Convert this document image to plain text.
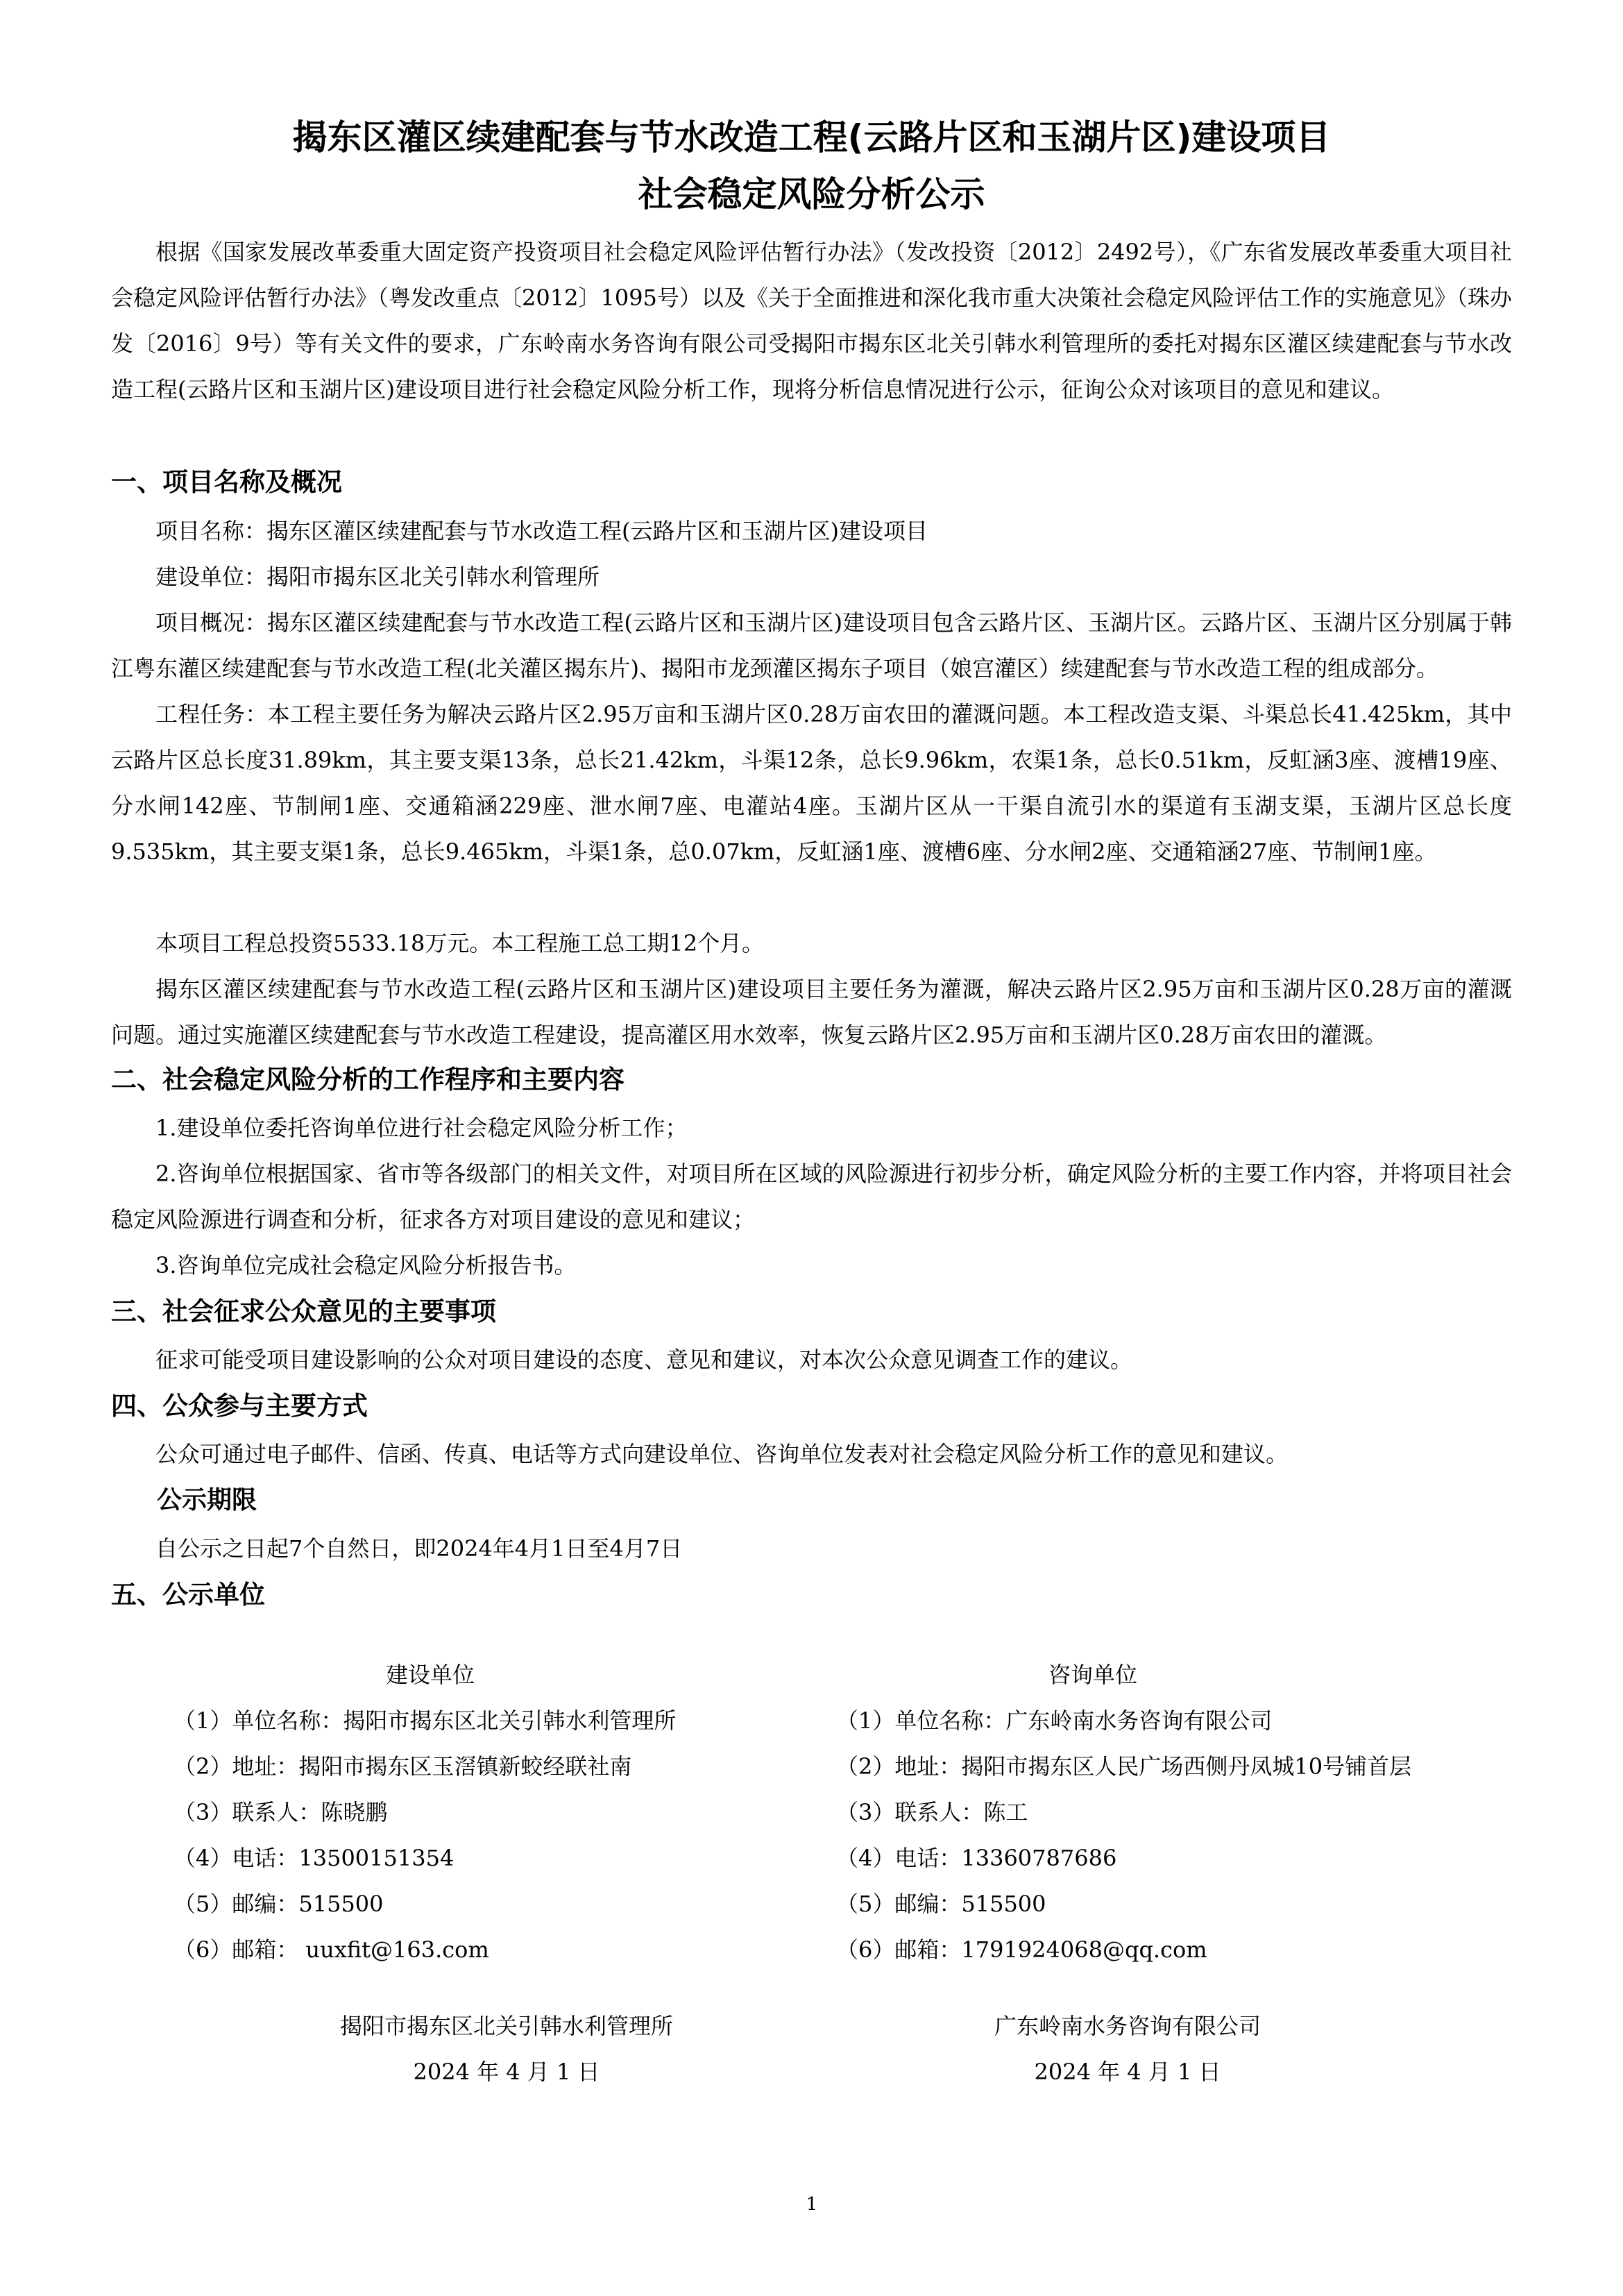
揭东区灌区续建配套与节水改造工程(云路片区和玉湖片区)建设项目
社会稳定风险分析公示
根据《国家发展改革委重大固定资产投资项目社会稳定风险评估暂行办法》（发改投资〔2012〕2492号），《广东省发展改革委重大项目社会稳定风险评估暂行办法》（粤发改重点〔2012〕1095号）以及《关于全面推进和深化我市重大决策社会稳定风险评估工作的实施意见》（珠办发〔2016〕9号）等有关文件的要求，广东岭南水务咨询有限公司受揭阳市揭东区北关引韩水利管理所的委托对揭东区灌区续建配套与节水改造工程(云路片区和玉湖片区)建设项目进行社会稳定风险分析工作，现将分析信息情况进行公示，征询公众对该项目的意见和建议。
一、项目名称及概况
项目名称：揭东区灌区续建配套与节水改造工程(云路片区和玉湖片区)建设项目
建设单位：揭阳市揭东区北关引韩水利管理所
项目概况：揭东区灌区续建配套与节水改造工程(云路片区和玉湖片区)建设项目包含云路片区、玉湖片区。云路片区、玉湖片区分别属于韩江粤东灌区续建配套与节水改造工程(北关灌区揭东片)、揭阳市龙颈灌区揭东子项目（娘宫灌区）续建配套与节水改造工程的组成部分。
工程任务：本工程主要任务为解决云路片区2.95万亩和玉湖片区0.28万亩农田的灌溉问题。本工程改造支渠、斗渠总长41.425km，其中云路片区总长度31.89km，其主要支渠13条，总长21.42km，斗渠12条，总长9.96km，农渠1条，总长0.51km，反虹涵3座、渡槽19座、分水闸142座、节制闸1座、交通箱涵229座、泄水闸7座、电灌站4座。玉湖片区从一干渠自流引水的渠道有玉湖支渠，玉湖片区总长度9.535km，其主要支渠1条，总长9.465km，斗渠1条，总0.07km，反虹涵1座、渡槽6座、分水闸2座、交通箱涵27座、节制闸1座。
本项目工程总投资5533.18万元。本工程施工总工期12个月。
揭东区灌区续建配套与节水改造工程(云路片区和玉湖片区)建设项目主要任务为灌溉，解决云路片区2.95万亩和玉湖片区0.28万亩的灌溉问题。通过实施灌区续建配套与节水改造工程建设，提高灌区用水效率，恢复云路片区2.95万亩和玉湖片区0.28万亩农田的灌溉。
二、社会稳定风险分析的工作程序和主要内容
1.建设单位委托咨询单位进行社会稳定风险分析工作；
2.咨询单位根据国家、省市等各级部门的相关文件，对项目所在区域的风险源进行初步分析，确定风险分析的主要工作内容，并将项目社会稳定风险源进行调查和分析，征求各方对项目建设的意见和建议；
3.咨询单位完成社会稳定风险分析报告书。
三、社会征求公众意见的主要事项
征求可能受项目建设影响的公众对项目建设的态度、意见和建议，对本次公众意见调查工作的建议。
四、公众参与主要方式
公众可通过电子邮件、信函、传真、电话等方式向建设单位、咨询单位发表对社会稳定风险分析工作的意见和建议。
公示期限
自公示之日起7个自然日，即2024年4月1日至4月7日
五、公示单位
建设单位
（1）单位名称：揭阳市揭东区北关引韩水利管理所
（2）地址：揭阳市揭东区玉滘镇新蛟经联社南
（3）联系人：陈晓鹏
（4）电话：13500151354
（5）邮编：515500
（6）邮箱： uuxfit@163.com
咨询单位
（1）单位名称：广东岭南水务咨询有限公司
（2）地址：揭阳市揭东区人民广场西侧丹凤城10号铺首层
（3）联系人：陈工
（4）电话：13360787686
（5）邮编：515500
（6）邮箱：1791924068@qq.com
揭阳市揭东区北关引韩水利管理所
2024 年 4 月 1 日
广东岭南水务咨询有限公司
2024 年 4 月 1 日
1
